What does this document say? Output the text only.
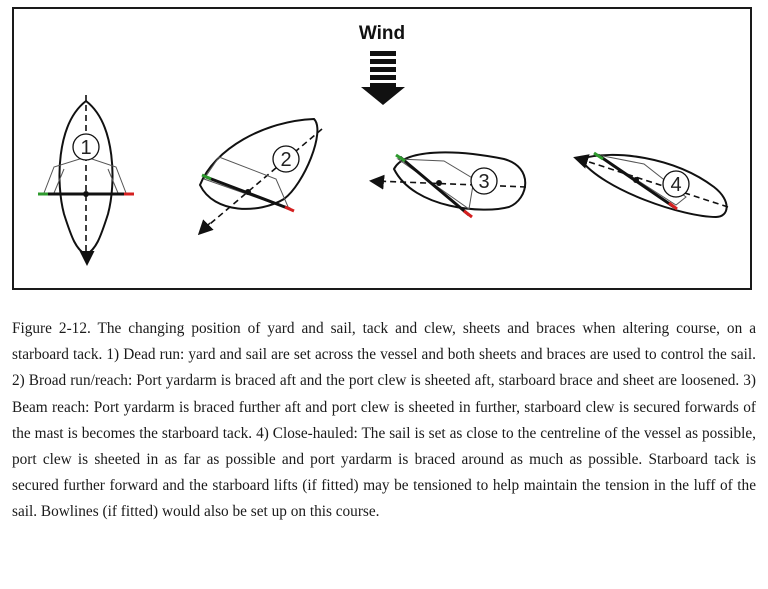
Wind
1
2
3	4

Figure 2-12. The changing position of yard and sail, tack and clew, sheets and braces when altering course, on a starboard tack. 1) Dead run: yard and sail are set across the vessel and both sheets and braces are used to control the sail. 2) Broad run/reach: Port yardarm is braced aft and the port clew is sheeted aft, starboard brace and sheet are loosened. 3) Beam reach: Port yardarm is braced further aft and port clew is sheeted in further, starboard clew is secured forwards of the mast is becomes the starboard tack. 4) Close-hauled: The sail is set as close to the centreline of the vessel as possible, port clew is sheeted in as far as possible and port yardarm is braced around as much as possible. Starboard tack is secured further forward and the starboard lifts (if fitted) may be tensioned to help maintain the tension in the luff of the sail. Bowlines (if fitted) would also be set up on this course.
